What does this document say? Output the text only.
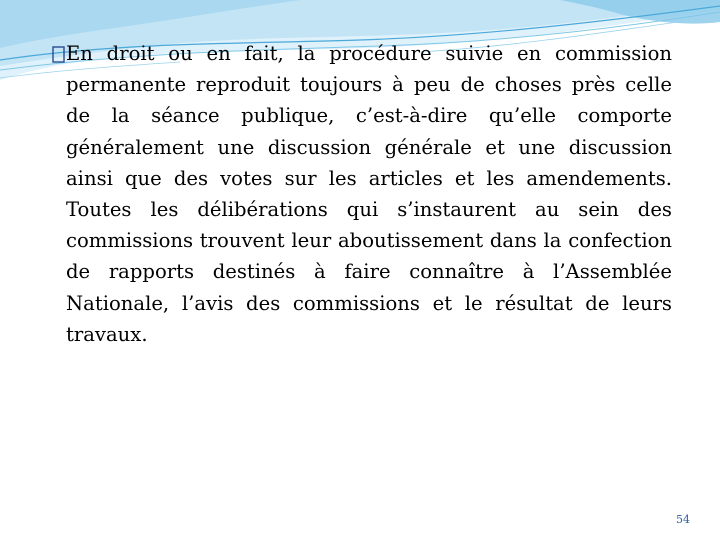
En droit ou en fait, la procédure suivie en commission permanente reproduit toujours à peu de choses près celle de la séance publique, c’est-à-dire qu’elle comporte généralement une discussion générale et une discussion ainsi que des votes sur les articles et les amendements. Toutes les délibérations qui s’instaurent au sein des commissions trouvent leur aboutissement dans la confection de rapports destinés à faire connaître à l’Assemblée Nationale, l’avis des commissions et le résultat de leurs travaux.

54
